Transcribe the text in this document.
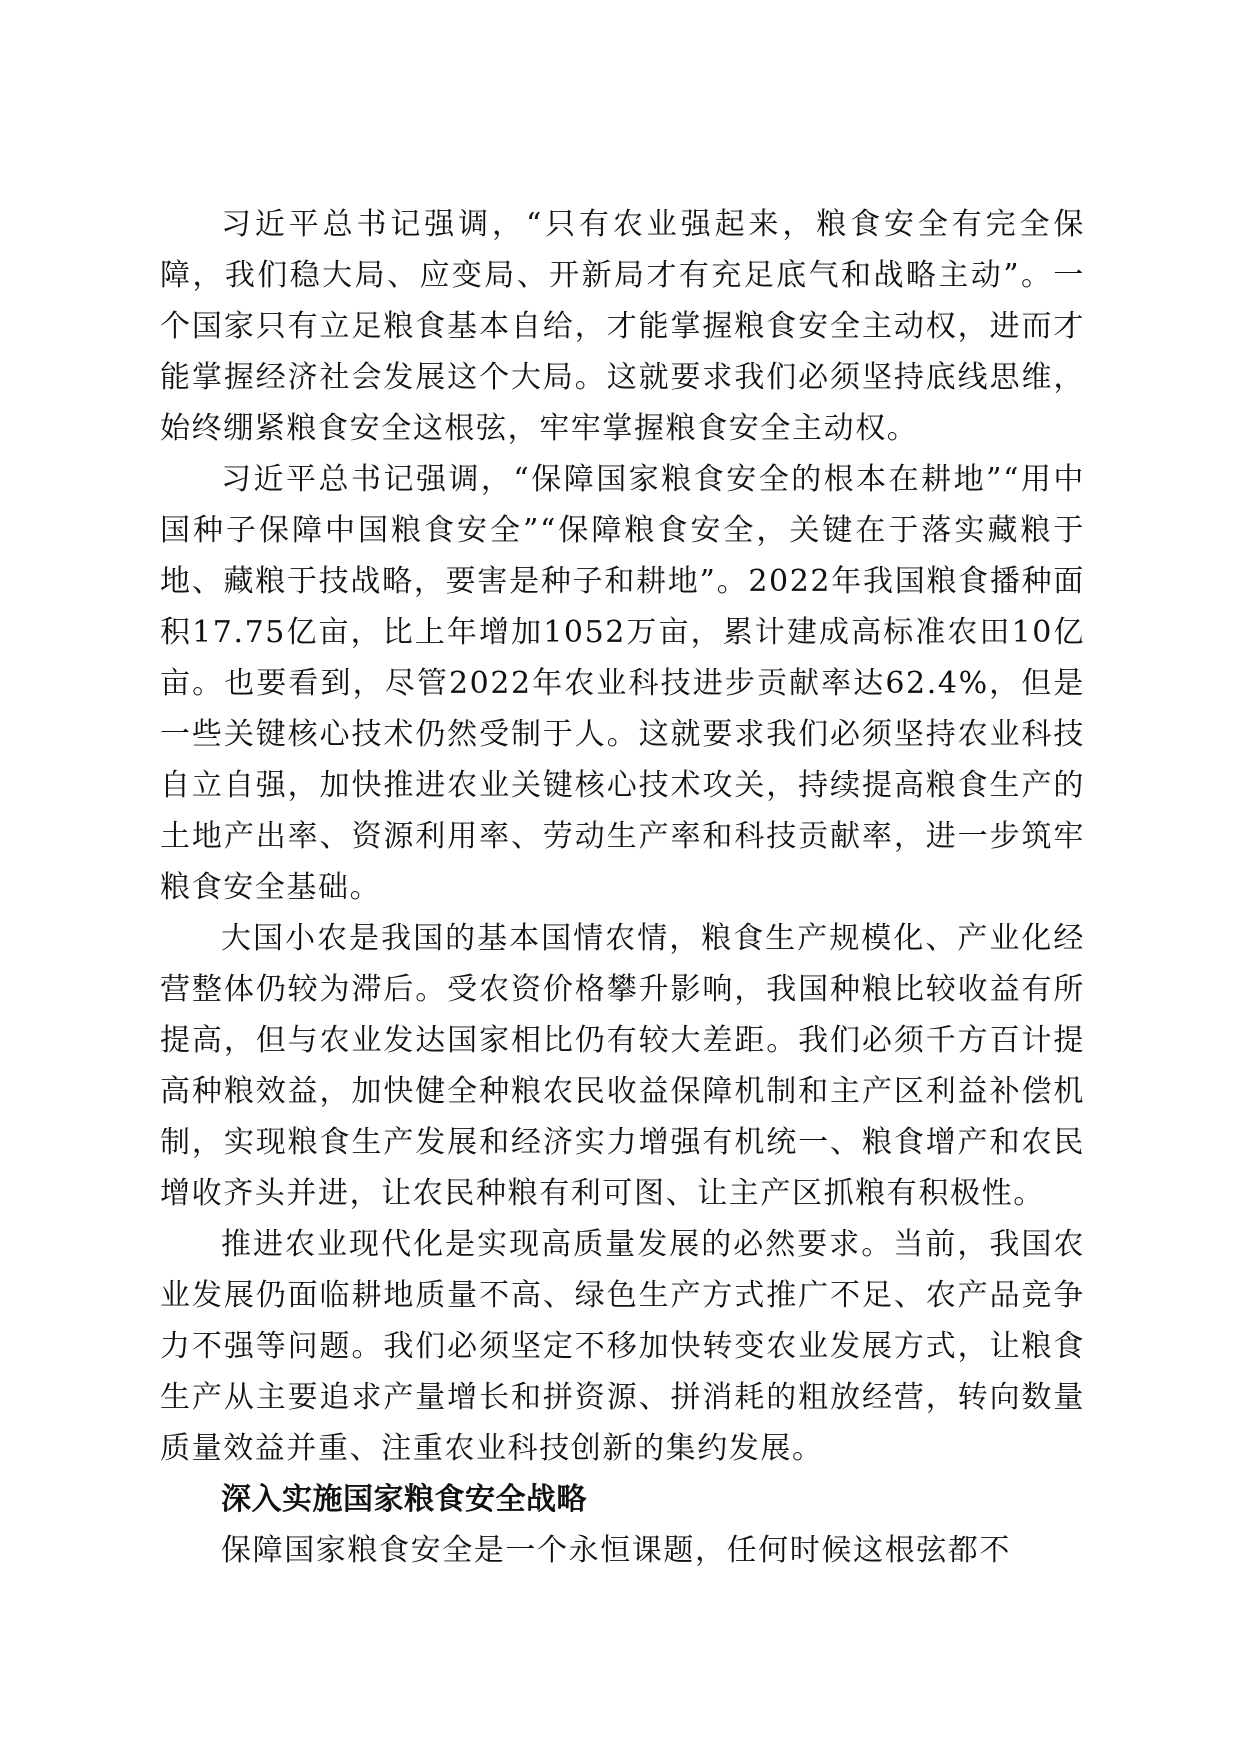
习近平总书记强调，“只有农业强起来，粮食安全有完全保障，我们稳大局、应变局、开新局才有充足底气和战略主动”。一个国家只有立足粮食基本自给，才能掌握粮食安全主动权，进而才能掌握经济社会发展这个大局。这就要求我们必须坚持底线思维，始终绷紧粮食安全这根弦，牢牢掌握粮食安全主动权。

习近平总书记强调，“保障国家粮食安全的根本在耕地”“用中国种子保障中国粮食安全”“保障粮食安全，关键在于落实藏粮于地、藏粮于技战略，要害是种子和耕地”。2022年我国粮食播种面积17.75亿亩，比上年增加1052万亩，累计建成高标准农田10亿亩。也要看到，尽管2022年农业科技进步贡献率达62.4%，但是一些关键核心技术仍然受制于人。这就要求我们必须坚持农业科技自立自强，加快推进农业关键核心技术攻关，持续提高粮食生产的土地产出率、资源利用率、劳动生产率和科技贡献率，进一步筑牢粮食安全基础。

大国小农是我国的基本国情农情，粮食生产规模化、产业化经营整体仍较为滞后。受农资价格攀升影响，我国种粮比较收益有所提高，但与农业发达国家相比仍有较大差距。我们必须千方百计提高种粮效益，加快健全种粮农民收益保障机制和主产区利益补偿机制，实现粮食生产发展和经济实力增强有机统一、粮食增产和农民增收齐头并进，让农民种粮有利可图、让主产区抓粮有积极性。

推进农业现代化是实现高质量发展的必然要求。当前，我国农业发展仍面临耕地质量不高、绿色生产方式推广不足、农产品竞争力不强等问题。我们必须坚定不移加快转变农业发展方式，让粮食生产从主要追求产量增长和拼资源、拼消耗的粗放经营，转向数量质量效益并重、注重农业科技创新的集约发展。

深入实施国家粮食安全战略

保障国家粮食安全是一个永恒课题，任何时候这根弦都不
